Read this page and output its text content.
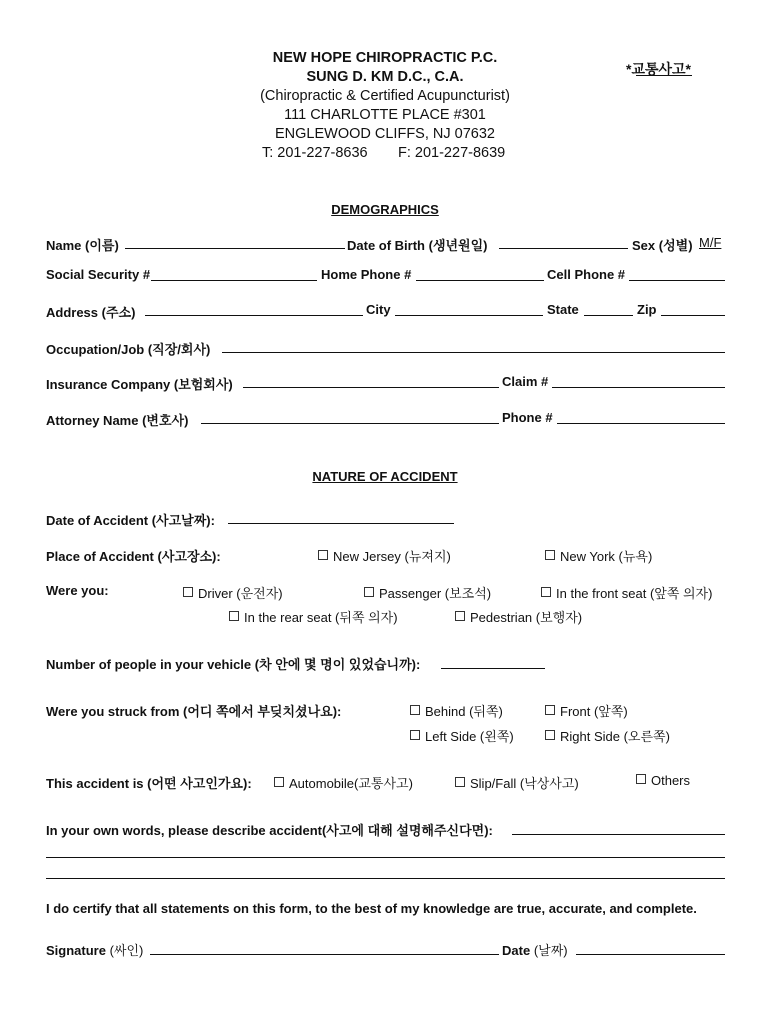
NEW HOPE CHIROPRACTIC P.C.
SUNG D. KM D.C., C.A.
(Chiropractic & Certified Acupuncturist)
111 CHARLOTTE PLACE #301
ENGLEWOOD CLIFFS, NJ 07632
T: 201-227-8636 F: 201-227-8639
*교통사고*
DEMOGRAPHICS
Name (이름)	Date of Birth (생년원일)	Sex (성별) M/F
Social Security #	Home Phone #	Cell Phone #
Address (주소)	City	State	Zip
Occupation/Job (직장/회사)
Insurance Company (보험회사)	Claim #
Attorney Name (변호사)	Phone #
NATURE OF ACCIDENT
Date of Accident (사고날짜):
Place of Accident (사고장소):	New Jersey (뉴져지)	New York (뉴욕)
Were you:	Driver (운전자)	Passenger (보조석)	In the front seat (앞쪽 의자)
In the rear seat (뒤쪽 의자)	Pedestrian (보행자)
Number of people in your vehicle (차 안에 몇 명이 있었습니까):
Were you struck from (어디 쪽에서 부딪치셨나요):	Behind (뒤쪽)	Front (앞쪽)
Left Side (왼쪽)	Right Side (오른쪽)
This accident is (어떤 사고인가요):	Automobile(교통사고)	Slip/Fall (낙상사고)	Others
In your own words, please describe accident(사고에 대해 설명해주신다면):
I do certify that all statements on this form, to the best of my knowledge are true, accurate, and complete.
Signature (싸인)	Date (날짜)
